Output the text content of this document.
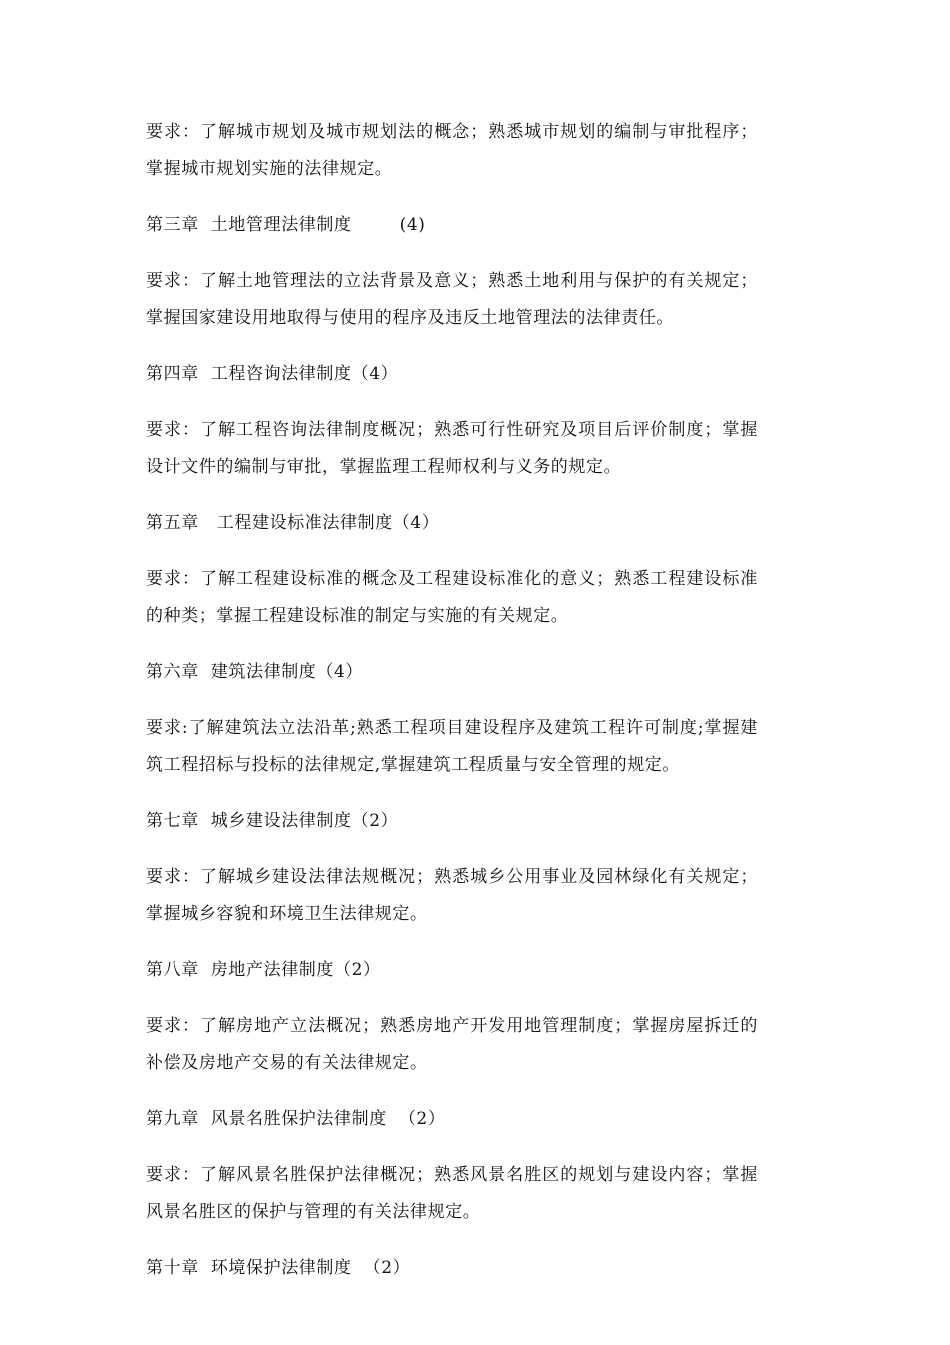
要求：了解城市规划及城市规划法的概念；熟悉城市规划的编制与审批程序；掌握城市规划实施的法律规定。

第三章  土地管理法律制度        (4)

要求：了解土地管理法的立法背景及意义；熟悉土地利用与保护的有关规定；掌握国家建设用地取得与使用的程序及违反土地管理法的法律责任。

第四章  工程咨询法律制度（4）

要求：了解工程咨询法律制度概况；熟悉可行性研究及项目后评价制度；掌握设计文件的编制与审批，掌握监理工程师权利与义务的规定。

第五章   工程建设标准法律制度（4）

要求：了解工程建设标准的概念及工程建设标准化的意义；熟悉工程建设标准的种类；掌握工程建设标准的制定与实施的有关规定。

第六章  建筑法律制度（4）

要求:了解建筑法立法沿革;熟悉工程项目建设程序及建筑工程许可制度;掌握建筑工程招标与投标的法律规定,掌握建筑工程质量与安全管理的规定。

第七章  城乡建设法律制度（2）

要求：了解城乡建设法律法规概况；熟悉城乡公用事业及园林绿化有关规定；掌握城乡容貌和环境卫生法律规定。

第八章  房地产法律制度（2）

要求：了解房地产立法概况；熟悉房地产开发用地管理制度；掌握房屋拆迁的补偿及房地产交易的有关法律规定。

第九章  风景名胜保护法律制度  （2）

要求：了解风景名胜保护法律概况；熟悉风景名胜区的规划与建设内容；掌握风景名胜区的保护与管理的有关法律规定。

第十章  环境保护法律制度  （2）
